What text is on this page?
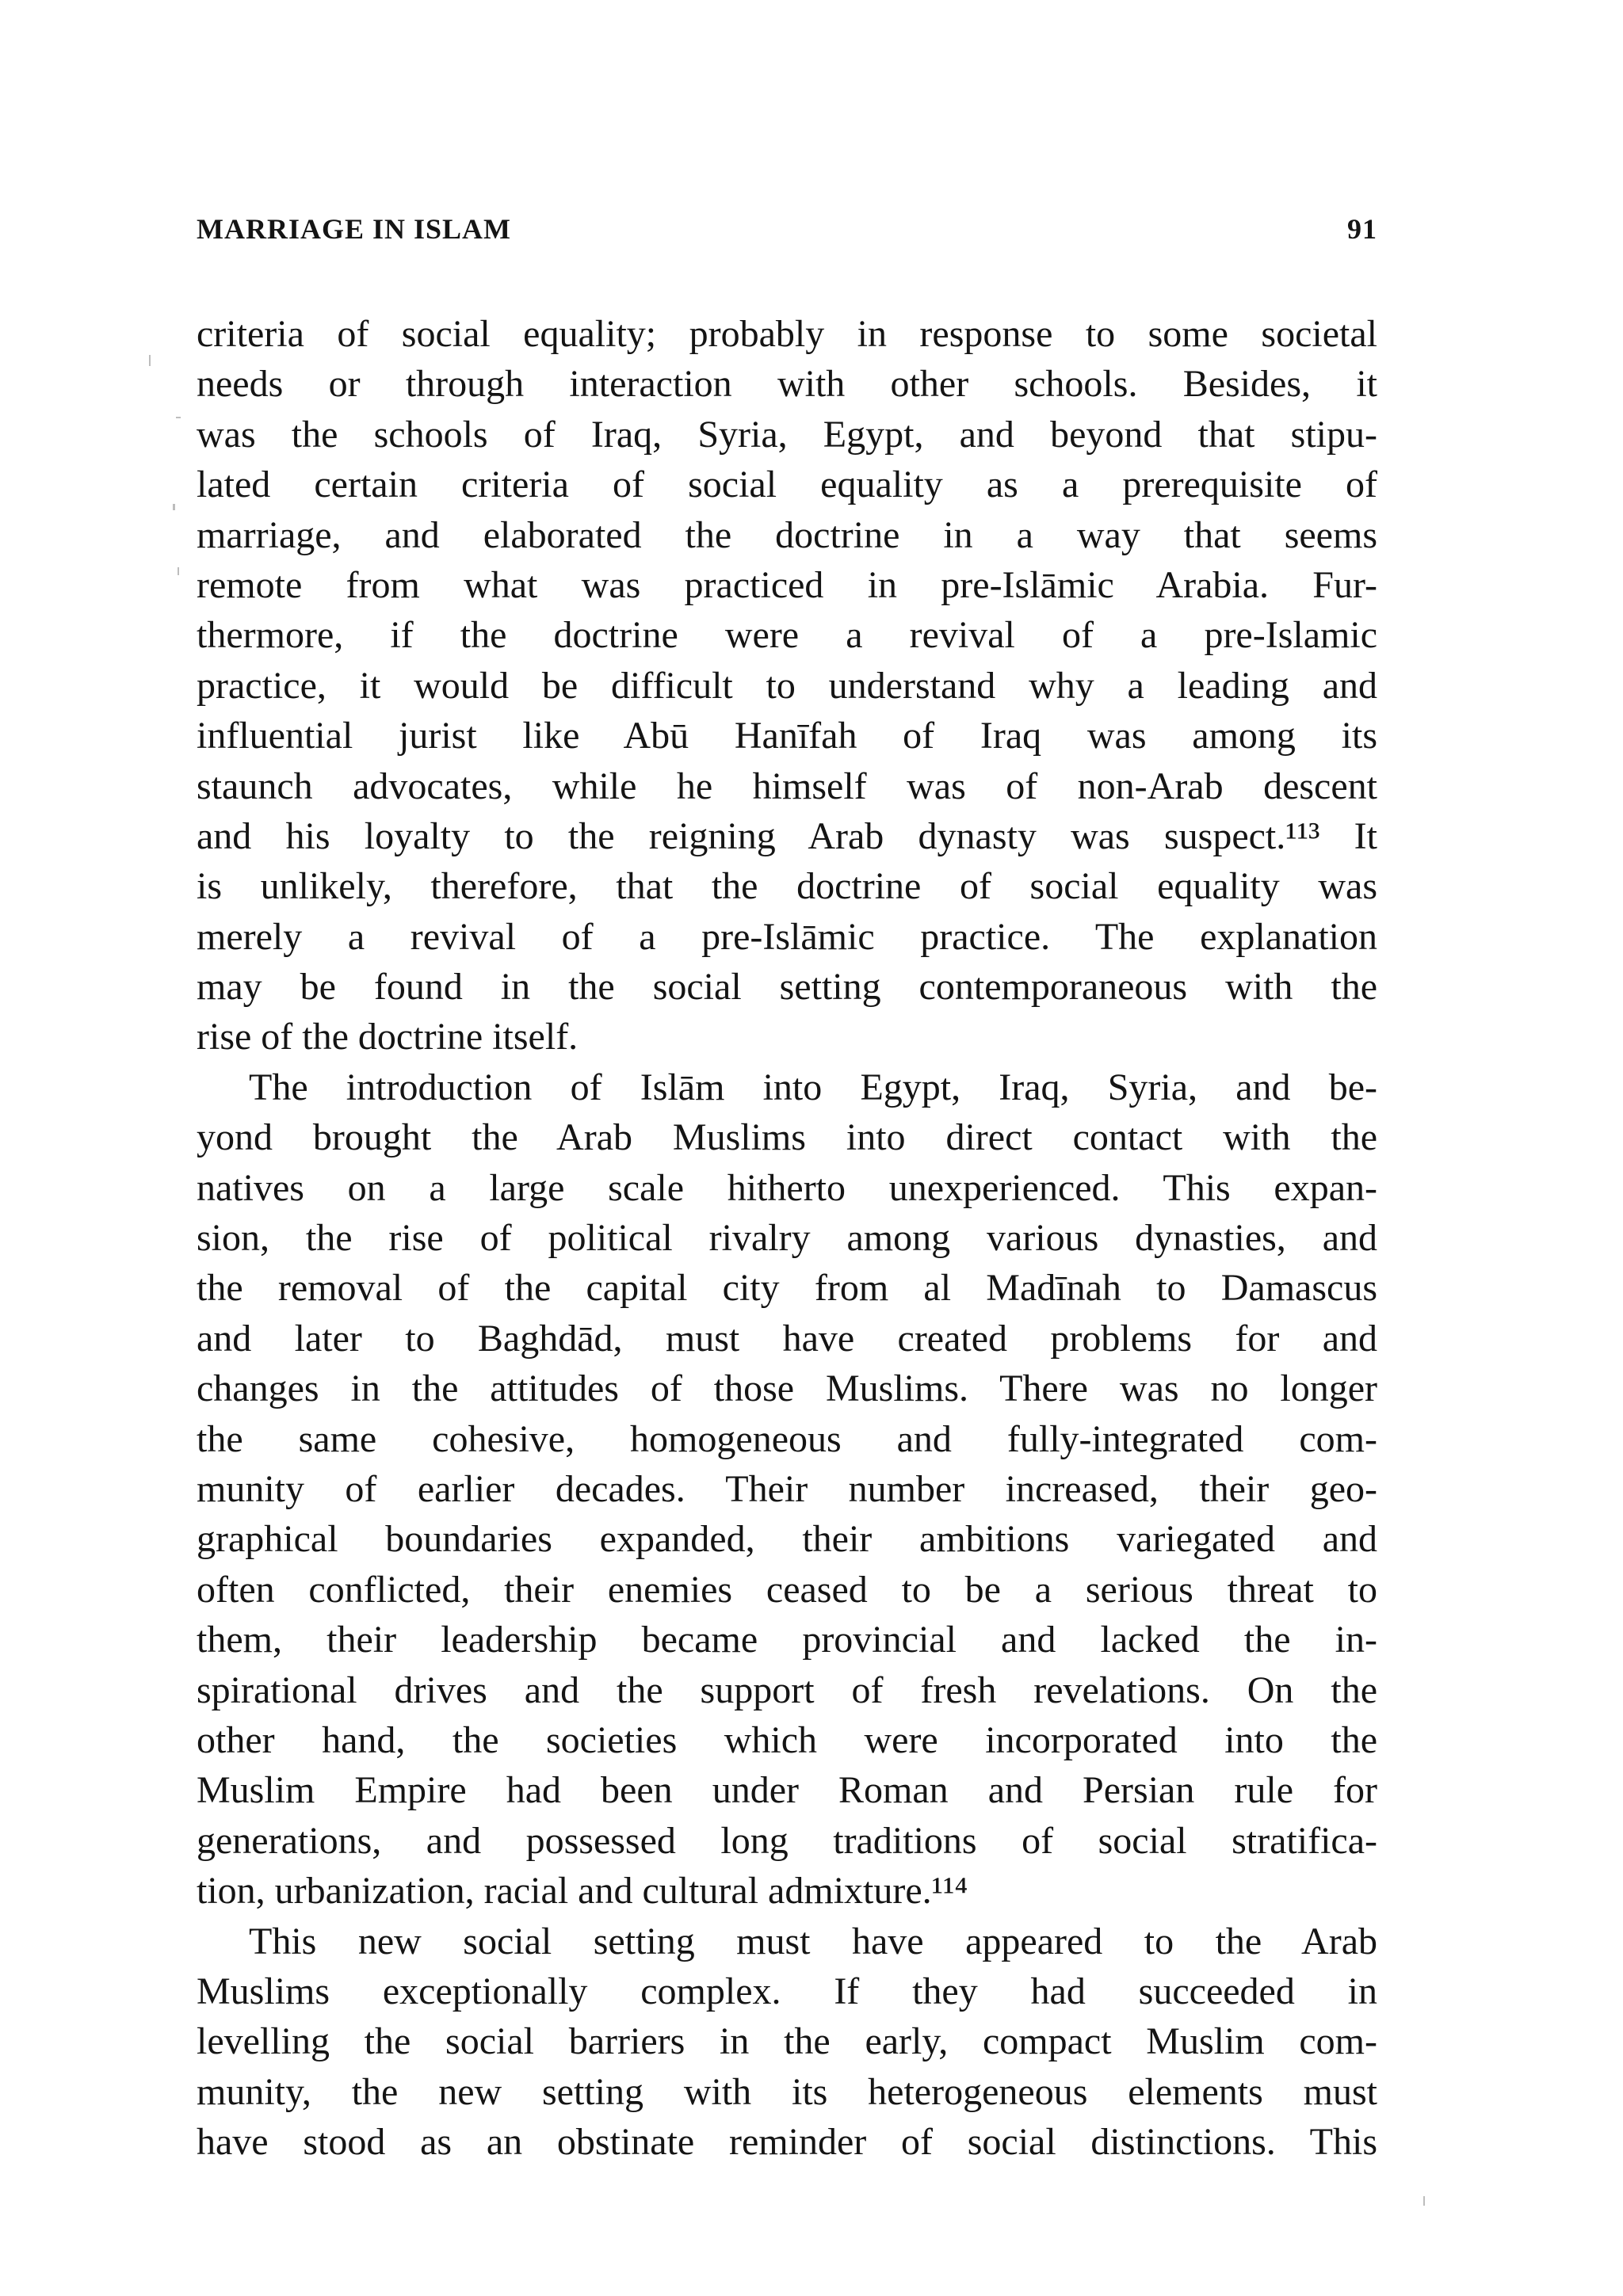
MARRIAGE IN ISLAM	91
criteria of social equality; probably in response to some societal
needs or through interaction with other schools. Besides, it
was the schools of Iraq, Syria, Egypt, and beyond that stipu-
lated certain criteria of social equality as a prerequisite of
marriage, and elaborated the doctrine in a way that seems
remote from what was practiced in pre-Islāmic Arabia. Fur-
thermore, if the doctrine were a revival of a pre-Islamic
practice, it would be difficult to understand why a leading and
influential jurist like Abū Hanīfah of Iraq was among its
staunch advocates, while he himself was of non-Arab descent
and his loyalty to the reigning Arab dynasty was suspect.¹¹³ It
is unlikely, therefore, that the doctrine of social equality was
merely a revival of a pre-Islāmic practice. The explanation
may be found in the social setting contemporaneous with the
rise of the doctrine itself.
The introduction of Islām into Egypt, Iraq, Syria, and be-
yond brought the Arab Muslims into direct contact with the
natives on a large scale hitherto unexperienced. This expan-
sion, the rise of political rivalry among various dynasties, and
the removal of the capital city from al Madīnah to Damascus
and later to Baghdād, must have created problems for and
changes in the attitudes of those Muslims. There was no longer
the same cohesive, homogeneous and fully-integrated com-
munity of earlier decades. Their number increased, their geo-
graphical boundaries expanded, their ambitions variegated and
often conflicted, their enemies ceased to be a serious threat to
them, their leadership became provincial and lacked the in-
spirational drives and the support of fresh revelations. On the
other hand, the societies which were incorporated into the
Muslim Empire had been under Roman and Persian rule for
generations, and possessed long traditions of social stratifica-
tion, urbanization, racial and cultural admixture.¹¹⁴
This new social setting must have appeared to the Arab
Muslims exceptionally complex. If they had succeeded in
levelling the social barriers in the early, compact Muslim com-
munity, the new setting with its heterogeneous elements must
have stood as an obstinate reminder of social distinctions. This
